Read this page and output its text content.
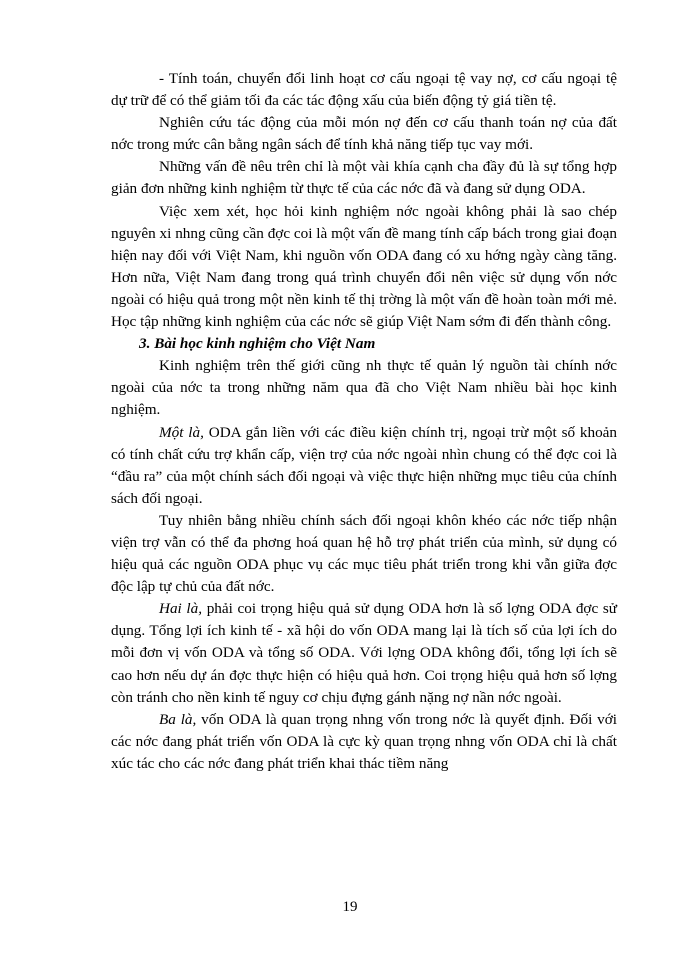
- Tính toán, chuyển đổi linh hoạt cơ cấu ngoại tệ vay nợ, cơ cấu ngoại tệ dự trữ để có thể giảm tối đa các tác động xấu của biến động tỷ giá tiền tệ.

Nghiên cứu tác động của mỗi món nợ đến cơ cấu thanh toán nợ của đất nớc trong mức cân bằng ngân sách để tính khả năng tiếp tục vay mới.

Những vấn đề nêu trên chỉ là một vài khía cạnh cha đầy đủ là sự tổng hợp giản đơn những kinh nghiệm từ thực tế của các nớc đã và đang sử dụng ODA.

Việc xem xét, học hỏi kinh nghiệm nớc ngoài không phải là sao chép nguyên xi nhng cũng cần đợc coi là một vấn đề mang tính cấp bách trong giai đoạn hiện nay đối với Việt Nam, khi nguồn vốn ODA đang có xu hớng ngày càng tăng. Hơn nữa, Việt Nam đang trong quá trình chuyển đổi nên việc sử dụng vốn nớc ngoài có hiệu quả trong một nền kinh tế thị trờng là một vấn đề hoàn toàn mới mẻ. Học tập những kinh nghiệm của các nớc sẽ giúp Việt Nam sớm đi đến thành công.

3. Bài học kinh nghiệm cho Việt Nam

Kinh nghiệm trên thế giới cũng nh thực tế quản lý nguồn tài chính nớc ngoài của nớc ta trong những năm qua đã cho Việt Nam nhiều bài học kinh nghiệm.

Một là, ODA gắn liền với các điều kiện chính trị, ngoại trừ một số khoản có tính chất cứu trợ khẩn cấp, viện trợ của nớc ngoài nhìn chung có thể đợc coi là “đầu ra” của một chính sách đối ngoại và việc thực hiện những mục tiêu của chính sách đối ngoại.

Tuy nhiên bằng nhiều chính sách đối ngoại khôn khéo các nớc tiếp nhận viện trợ vẫn có thể đa phơng hoá quan hệ hỗ trợ phát triển của mình, sử dụng có hiệu quả các nguồn ODA phục vụ các mục tiêu phát triển trong khi vẫn giữa đợc độc lập tự chủ của đất nớc.

Hai là, phải coi trọng hiệu quả sử dụng ODA hơn là số lợng ODA đợc sử dụng. Tổng lợi ích kinh tế - xã hội do vốn ODA mang lại là tích số của lợi ích do mỗi đơn vị vốn ODA và tổng số ODA. Với lợng ODA không đổi, tổng lợi ích sẽ cao hơn nếu dự án đợc thực hiện có hiệu quả hơn. Coi trọng hiệu quả hơn số lợng còn tránh cho nền kinh tế nguy cơ chịu đựng gánh nặng nợ nần nớc ngoài.

Ba là, vốn ODA là quan trọng nhng vốn trong nớc là quyết định. Đối với các nớc đang phát triển vốn ODA là cực kỳ quan trọng nhng vốn ODA chỉ là chất xúc tác cho các nớc đang phát triển khai thác tiềm năng

19
